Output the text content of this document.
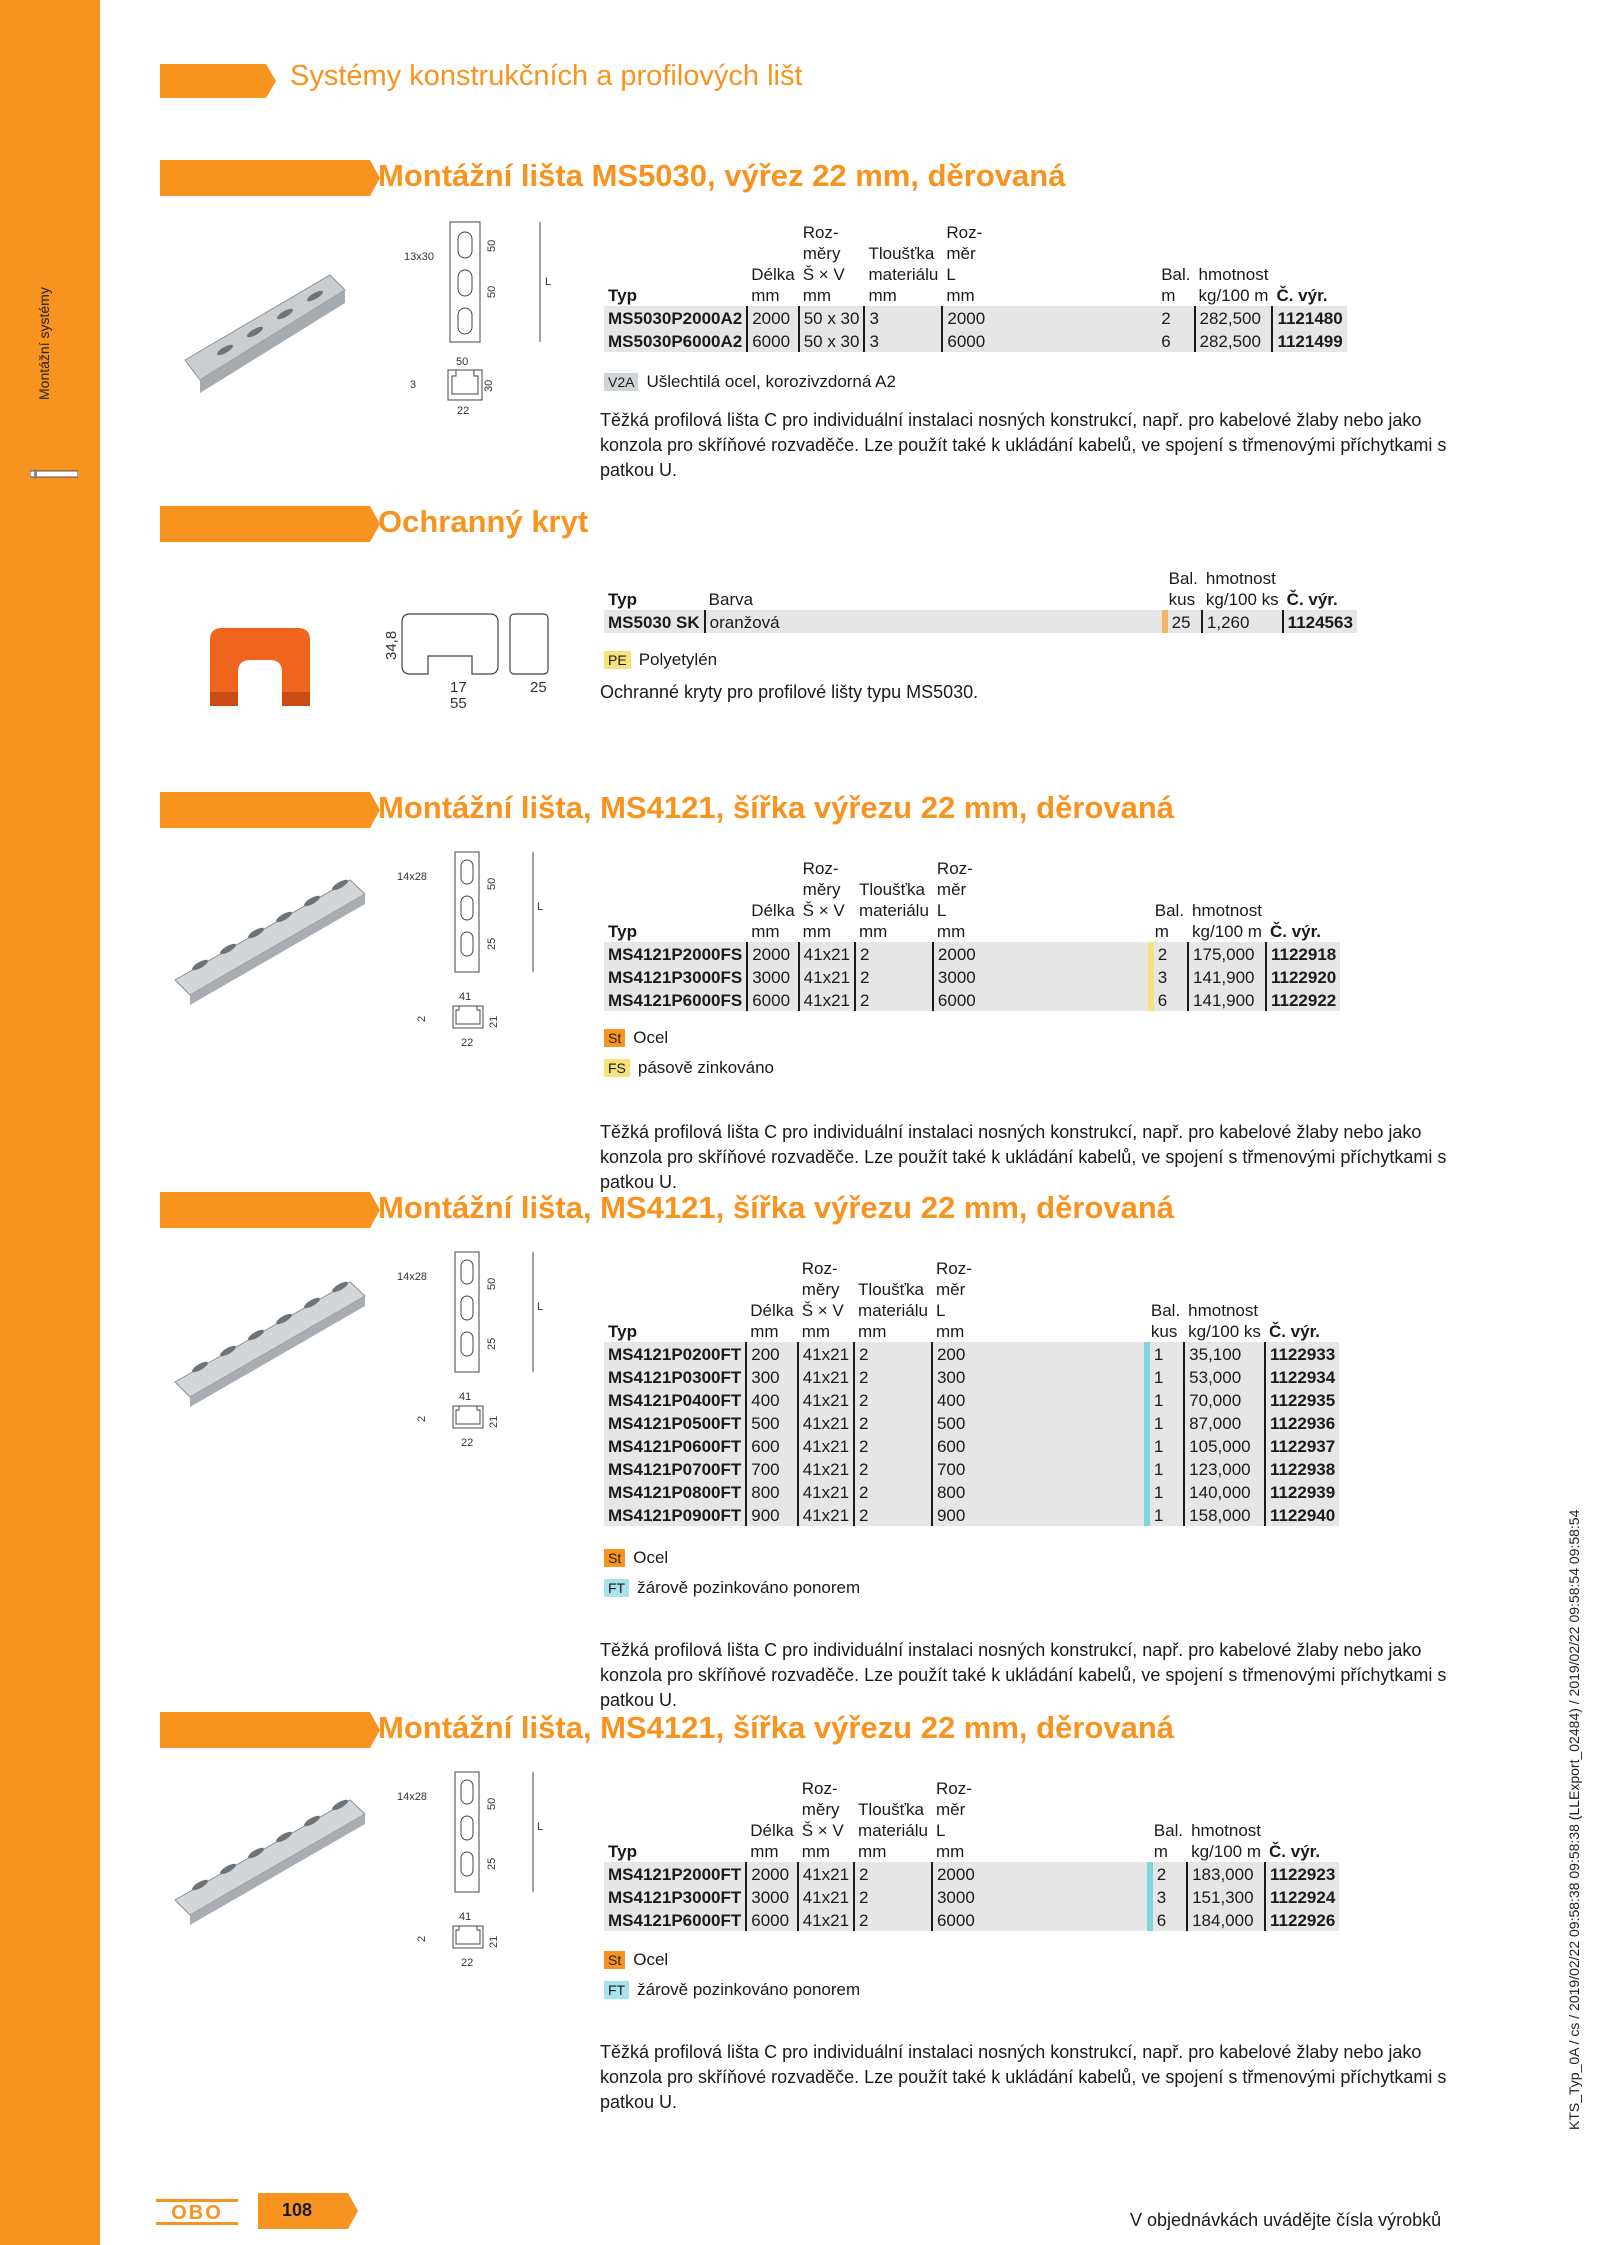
Montážní systémy
Systémy konstrukčních a profilových lišt
Montážní lišta MS5030, výřez 22 mm, děrovaná
13x30
50
50
L
50
3	30
22
		Roz-		Roz-				
		měry	Tloušťka	měr				
	Délka	Š × V	materiálu	L		Bal.	hmotnost	
Typ	mm	mm	mm	mm		m	kg/100 m	Č. výr.
MS5030P2000A2	2000	50 x 30	3	2000		2	282,500	1121480
MS5030P6000A2	6000	50 x 30	3	6000		6	282,500	1121499
V2A Ušlechtilá ocel, korozivzdorná A2
Těžká profilová lišta C pro individuální instalaci nosných konstrukcí, např. pro kabelové žlaby nebo jako konzola pro skříňové rozvaděče. Lze použít také k ukládání kabelů, ve spojení s třmenovými příchytkami s patkou U.
			Bal.	hmotnost	
Typ	Barva		kus	kg/100 ks	Č. výr.
MS5030 SK	oranžová		25	1,260	1124563
PE Polyetylén
Ochranné kryty pro profilové lišty typu MS5030.
		Roz-		Roz-				
		měry	Tloušťka	měr				
	Délka	Š × V	materiálu	L		Bal.	hmotnost	
Typ	mm	mm	mm	mm		m	kg/100 m	Č. výr.
MS4121P2000FS	2000	41x21	2	2000		2	175,000	1122918
MS4121P3000FS	3000	41x21	2	3000		3	141,900	1122920
MS4121P6000FS	6000	41x21	2	6000		6	141,900	1122922
St Ocel
FS pásově zinkováno
Těžká profilová lišta C pro individuální instalaci nosných konstrukcí, např. pro kabelové žlaby nebo jako konzola pro skříňové rozvaděče. Lze použít také k ukládání kabelů, ve spojení s třmenovými příchytkami s patkou U.
		Roz-		Roz-				
		měry	Tloušťka	měr				
	Délka	Š × V	materiálu	L		Bal.	hmotnost	
Typ	mm	mm	mm	mm		kus	kg/100 ks	Č. výr.
MS4121P0200FT	200	41x21	2	200		1	35,100	1122933
MS4121P0300FT	300	41x21	2	300		1	53,000	1122934
MS4121P0400FT	400	41x21	2	400		1	70,000	1122935
MS4121P0500FT	500	41x21	2	500		1	87,000	1122936
MS4121P0600FT	600	41x21	2	600		1	105,000	1122937
MS4121P0700FT	700	41x21	2	700		1	123,000	1122938
MS4121P0800FT	800	41x21	2	800		1	140,000	1122939
MS4121P0900FT	900	41x21	2	900		1	158,000	1122940
St Ocel
FT žárově pozinkováno ponorem
Těžká profilová lišta C pro individuální instalaci nosných konstrukcí, např. pro kabelové žlaby nebo jako konzola pro skříňové rozvaděče. Lze použít také k ukládání kabelů, ve spojení s třmenovými příchytkami s patkou U.
		Roz-		Roz-				
		měry	Tloušťka	měr				
	Délka	Š × V	materiálu	L		Bal.	hmotnost	
Typ	mm	mm	mm	mm		m	kg/100 m	Č. výr.
MS4121P2000FT	2000	41x21	2	2000		2	183,000	1122923
MS4121P3000FT	3000	41x21	2	3000		3	151,300	1122924
MS4121P6000FT	6000	41x21	2	6000		6	184,000	1122926
St Ocel
FT žárově pozinkováno ponorem
Těžká profilová lišta C pro individuální instalaci nosných konstrukcí, např. pro kabelové žlaby nebo jako konzola pro skříňové rozvaděče. Lze použít také k ukládání kabelů, ve spojení s třmenovými příchytkami s patkou U.
Ochranný kryt
34,8
17
55
25
Montážní lišta, MS4121, šířka výřezu 22 mm, děrovaná
Montážní lišta, MS4121, šířka výřezu 22 mm, děrovaná
Montážní lišta, MS4121, šířka výřezu 22 mm, děrovaná
14x28
50
25
L
41
2	21
22
14x28
50
25
L
41
2	21
22
14x28
50
25
L
41
2	21
22
OBO	108	V objednávkách uvádějte čísla výrobků
KTS_Typ_0A / cs / 2019/02/22 09:58:38 09:58:38 (LLExport_02484) / 2019/02/22 09:58:54 09:58:54
